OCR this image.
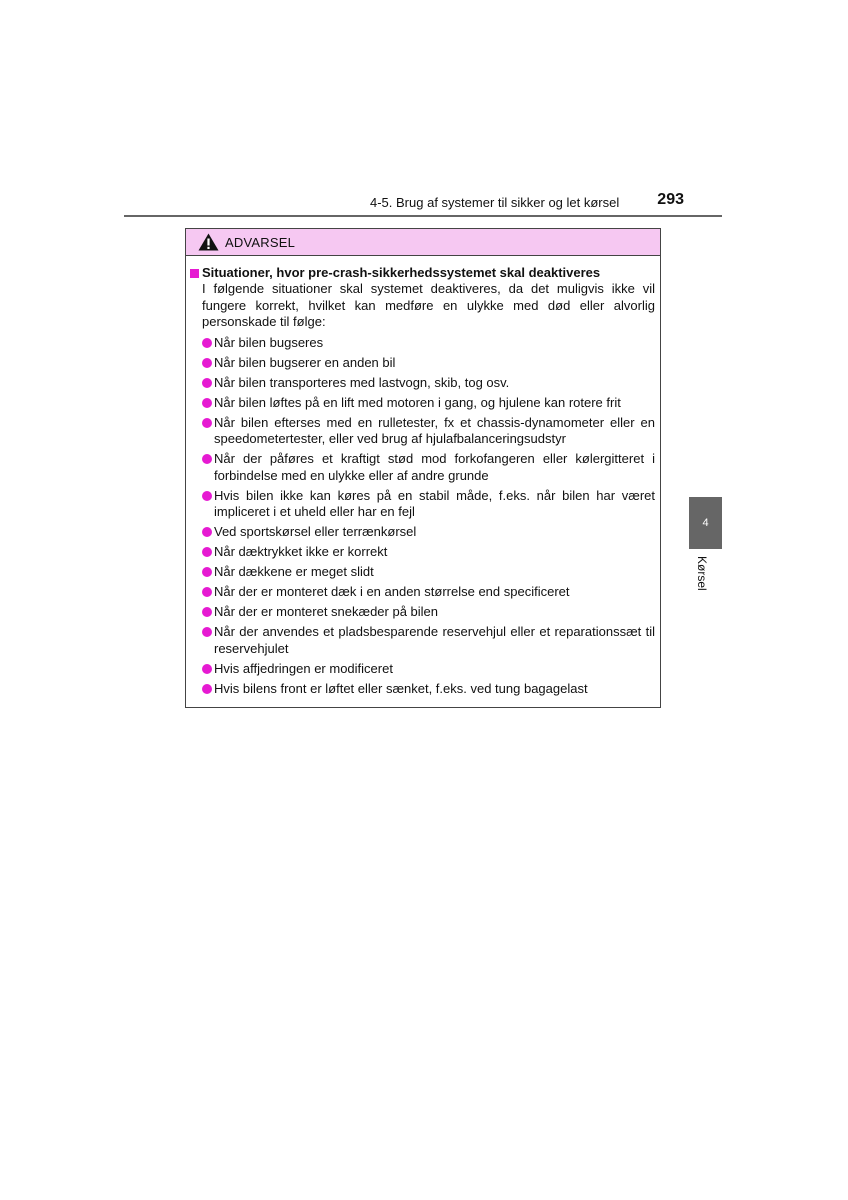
4-5. Brug af systemer til sikker og let kørsel	293
4
Kørsel
ADVARSEL
Situationer, hvor pre-crash-sikkerhedssystemet skal deaktiveres

I følgende situationer skal systemet deaktiveres, da det muligvis ikke vil fungere korrekt, hvilket kan medføre en ulykke med død eller alvorlig personskade til følge:

Når bilen bugseres
Når bilen bugserer en anden bil
Når bilen transporteres med lastvogn, skib, tog osv.
Når bilen løftes på en lift med motoren i gang, og hjulene kan rotere frit
Når bilen efterses med en rulletester, fx et chassis-dynamometer eller en speedometertester, eller ved brug af hjulafbalanceringsudstyr
Når der påføres et kraftigt stød mod forkofangeren eller kølergitteret i forbindelse med en ulykke eller af andre grunde
Hvis bilen ikke kan køres på en stabil måde, f.eks. når bilen har været impliceret i et uheld eller har en fejl
Ved sportskørsel eller terrænkørsel
Når dæktrykket ikke er korrekt
Når dækkene er meget slidt
Når der er monteret dæk i en anden størrelse end specificeret
Når der er monteret snekæder på bilen
Når der anvendes et pladsbesparende reservehjul eller et reparationssæt til reservehjulet
Hvis affjedringen er modificeret
Hvis bilens front er løftet eller sænket, f.eks. ved tung bagagelast
